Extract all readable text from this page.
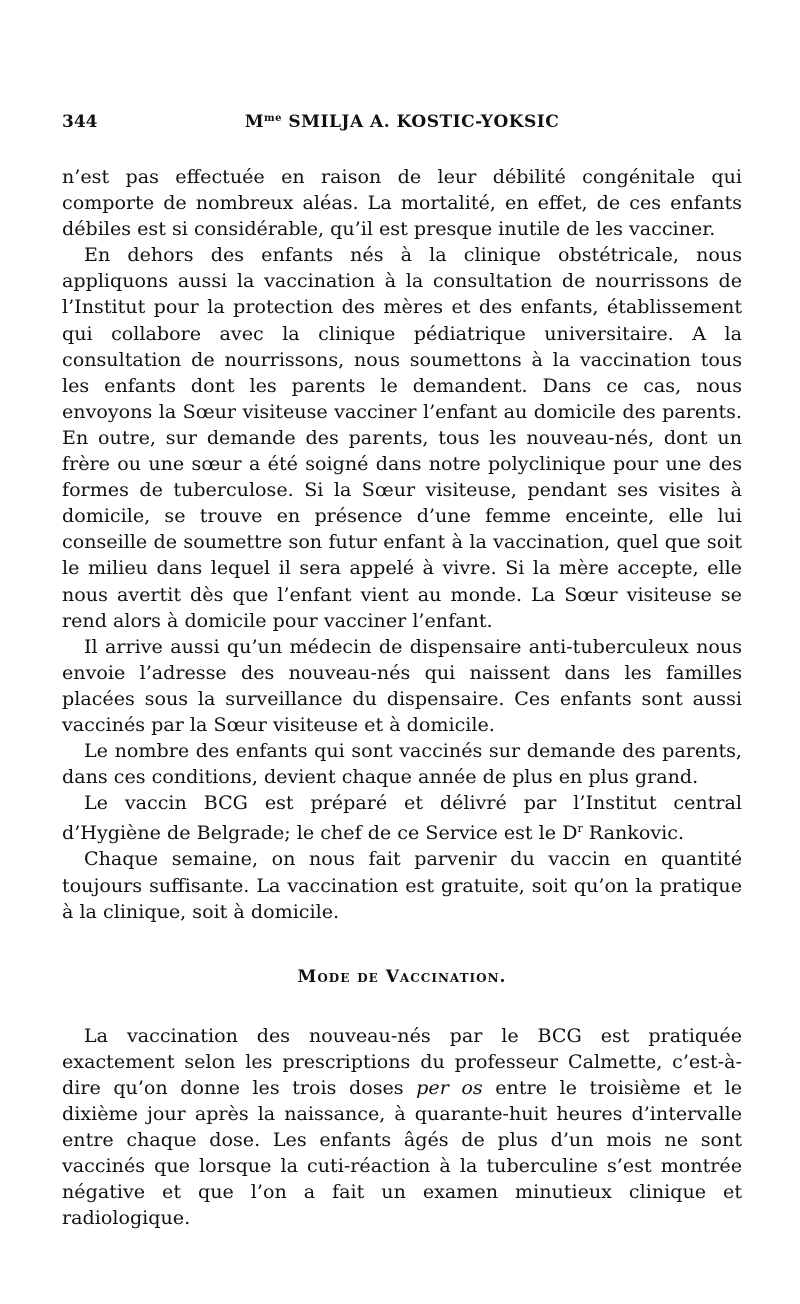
344	$M^{me}$ SMILJA A. KOSTIC-YOKSIC

n’est pas effectuée en raison de leur débilité congénitale qui comporte de nombreux aléas. La mortalité, en effet, de ces enfants débiles est si considérable, qu’il est presque inutile de les vacciner.

En dehors des enfants nés à la clinique obstétricale, nous appliquons aussi la vaccination à la consultation de nourrissons de l’Institut pour la protection des mères et des enfants, établissement qui collabore avec la clinique pédiatrique universitaire. A la consultation de nourrissons, nous soumettons à la vaccination tous les enfants dont les parents le demandent. Dans ce cas, nous envoyons la Sœur visiteuse vacciner l’enfant au domicile des parents. En outre, sur demande des parents, tous les nouveau-nés, dont un frère ou une sœur a été soigné dans notre polyclinique pour une des formes de tuberculose. Si la Sœur visiteuse, pendant ses visites à domicile, se trouve en présence d’une femme enceinte, elle lui conseille de soumettre son futur enfant à la vaccination, quel que soit le milieu dans lequel il sera appelé à vivre. Si la mère accepte, elle nous avertit dès que l’enfant vient au monde. La Sœur visiteuse se rend alors à domicile pour vacciner l’enfant.

Il arrive aussi qu’un médecin de dispensaire anti-tuberculeux nous envoie l’adresse des nouveau-nés qui naissent dans les familles placées sous la surveillance du dispensaire. Ces enfants sont aussi vaccinés par la Sœur visiteuse et à domicile.

Le nombre des enfants qui sont vaccinés sur demande des parents, dans ces conditions, devient chaque année de plus en plus grand.

Le vaccin BCG est préparé et délivré par l’Institut central d’Hygiène de Belgrade; le chef de ce Service est le $D^r$ Rankovic.

Chaque semaine, on nous fait parvenir du vaccin en quantité toujours suffisante. La vaccination est gratuite, soit qu’on la pratique à la clinique, soit à domicile.

Mode de Vaccination.

La vaccination des nouveau-nés par le BCG est pratiquée exactement selon les prescriptions du professeur Calmette, c’est-à-dire qu’on donne les trois doses per os entre le troisième et le dixième jour après la naissance, à quarante-huit heures d’intervalle entre chaque dose. Les enfants âgés de plus d’un mois ne sont vaccinés que lorsque la cuti-réaction à la tuberculine s’est montrée négative et que l’on a fait un examen minutieux clinique et radiologique.
